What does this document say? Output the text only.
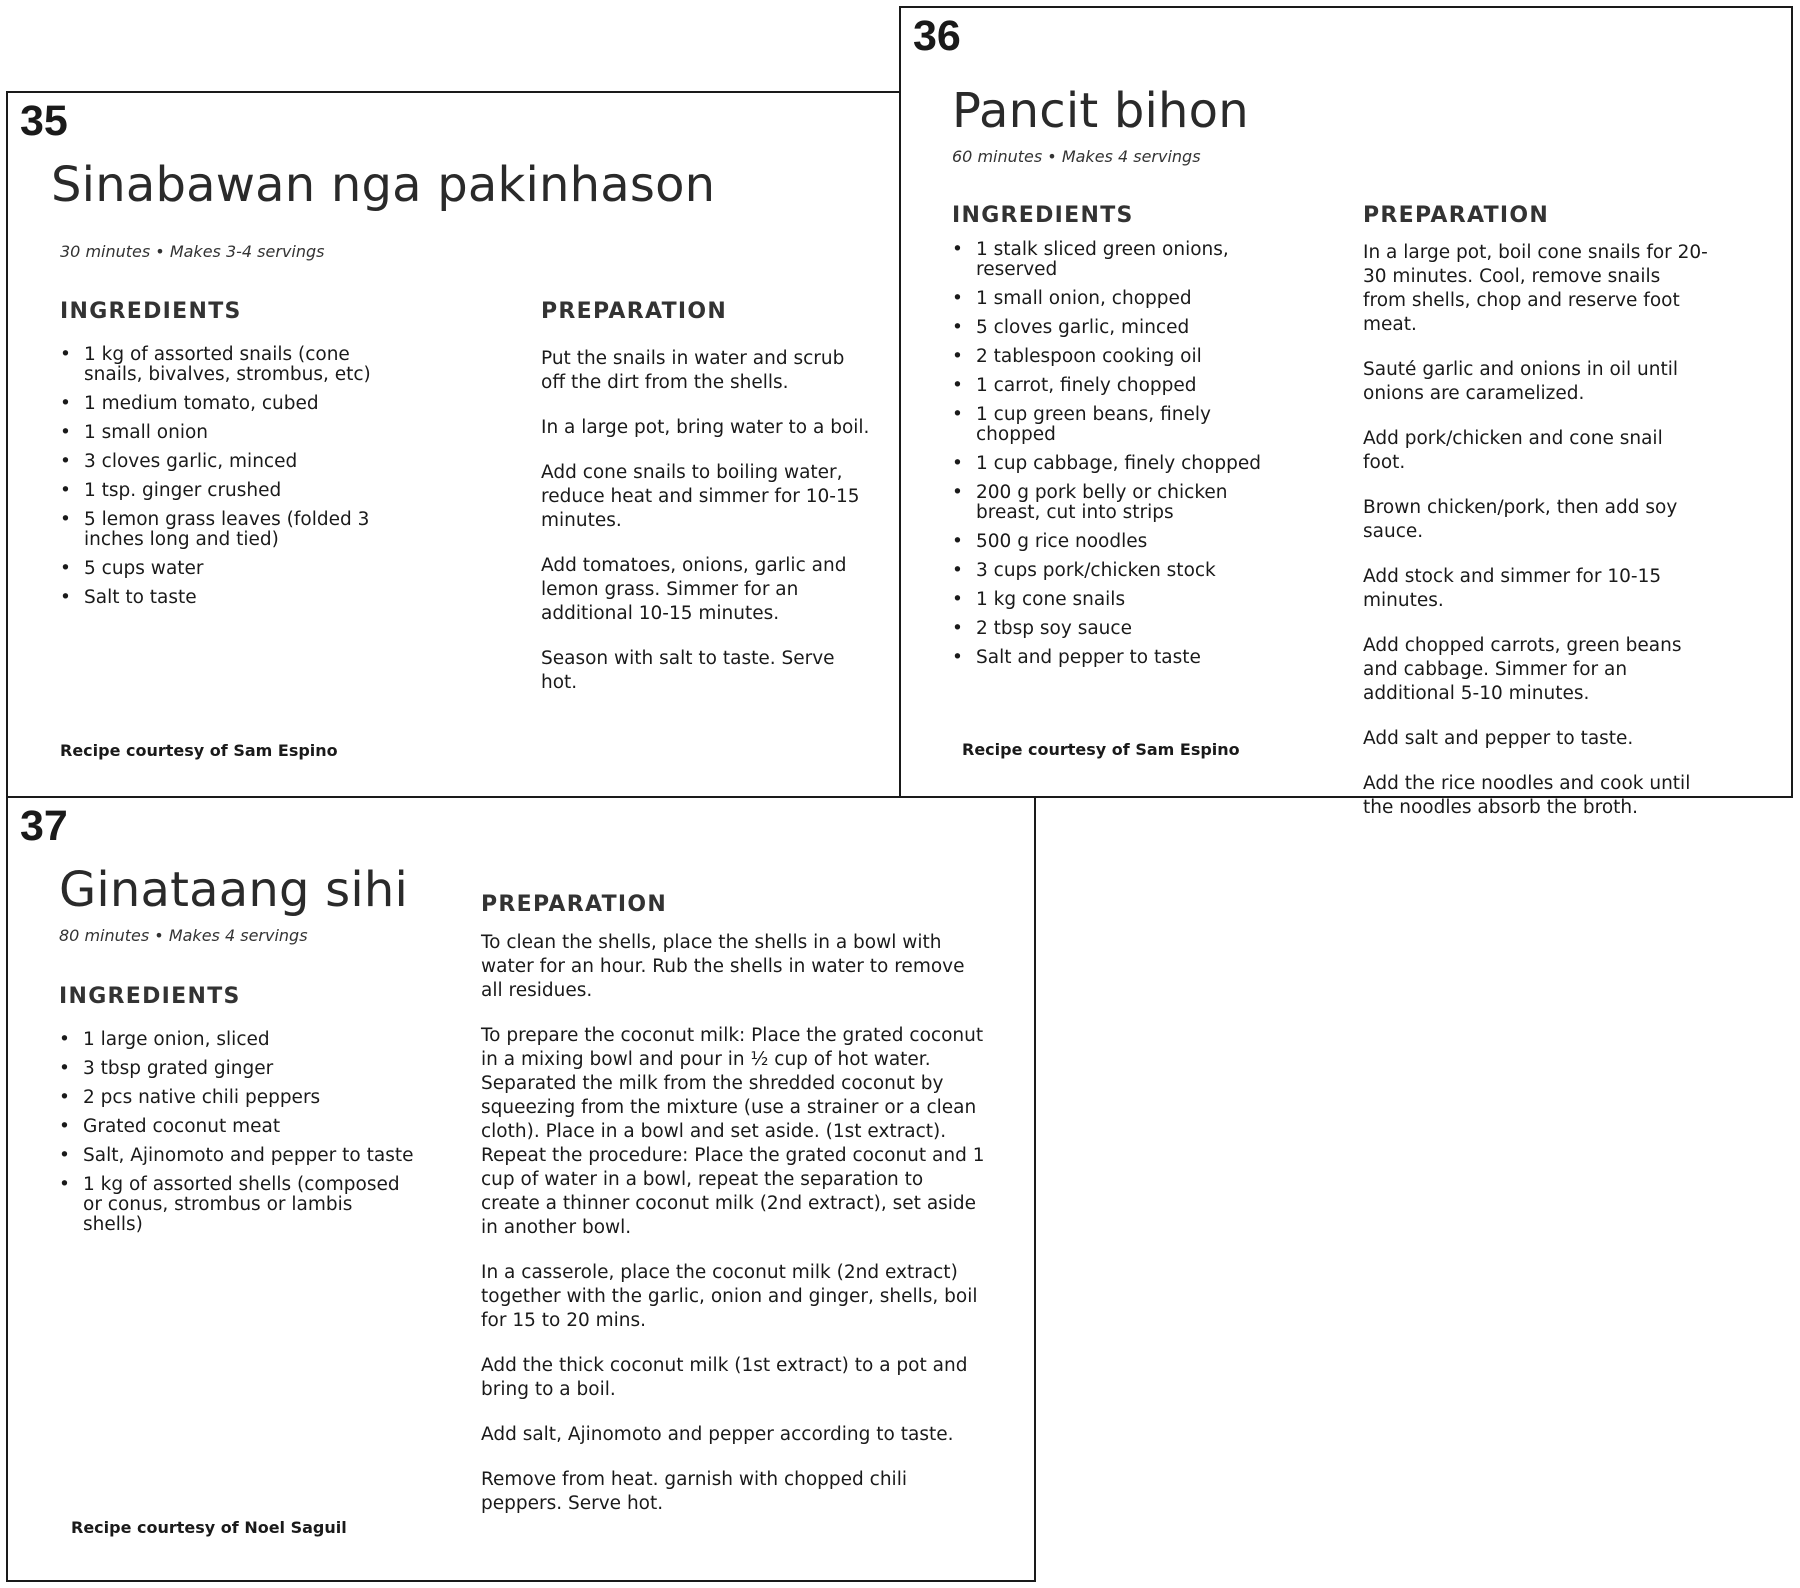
35
Sinabawan nga pakinhason
30 minutes • Makes 3-4 servings
INGREDIENTS
• 1 kg of assorted snails (cone snails, bivalves, strombus, etc)
• 1 medium tomato, cubed
• 1 small onion
• 3 cloves garlic, minced
• 1 tsp. ginger crushed
• 5 lemon grass leaves (folded 3 inches long and tied)
• 5 cups water
• Salt to taste
PREPARATION

Put the snails in water and scrub off the dirt from the shells.

In a large pot, bring water to a boil.

Add cone snails to boiling water, reduce heat and simmer for 10-15 minutes.

Add tomatoes, onions, garlic and lemon grass. Simmer for an additional 10-15 minutes.

Season with salt to taste. Serve hot.

Recipe courtesy of Sam Espino
36
Pancit bihon
60 minutes • Makes 4 servings
INGREDIENTS
• 1 stalk sliced green onions, reserved
• 1 small onion, chopped
• 5 cloves garlic, minced
• 2 tablespoon cooking oil
• 1 carrot, finely chopped
• 1 cup green beans, finely chopped
• 1 cup cabbage, finely chopped
• 200 g pork belly or chicken breast, cut into strips
• 500 g rice noodles
• 3 cups pork/chicken stock
• 1 kg cone snails
• 2 tbsp soy sauce
• Salt and pepper to taste
PREPARATION

In a large pot, boil cone snails for 20-30 minutes. Cool, remove snails from shells, chop and reserve foot meat.

Sauté garlic and onions in oil until onions are caramelized.

Add pork/chicken and cone snail foot.

Brown chicken/pork, then add soy sauce.

Add stock and simmer for 10-15 minutes.

Add chopped carrots, green beans and cabbage. Simmer for an additional 5-10 minutes.

Add salt and pepper to taste.

Add the rice noodles and cook until the noodles absorb the broth.

Recipe courtesy of Sam Espino
37
Ginataang sihi
80 minutes • Makes 4 servings
INGREDIENTS
• 1 large onion, sliced
• 3 tbsp grated ginger
• 2 pcs native chili peppers
• Grated coconut meat
• Salt, Ajinomoto and pepper to taste
• 1 kg of assorted shells (composed or conus, strombus or lambis shells)
PREPARATION

To clean the shells, place the shells in a bowl with water for an hour. Rub the shells in water to remove all residues.

To prepare the coconut milk: Place the grated coconut in a mixing bowl and pour in ½ cup of hot water. Separated the milk from the shredded coconut by squeezing from the mixture (use a strainer or a clean cloth). Place in a bowl and set aside. (1st extract). Repeat the procedure: Place the grated coconut and 1 cup of water in a bowl, repeat the separation to create a thinner coconut milk (2nd extract), set aside in another bowl.

In a casserole, place the coconut milk (2nd extract) together with the garlic, onion and ginger, shells, boil for 15 to 20 mins.

Add the thick coconut milk (1st extract) to a pot and bring to a boil.

Add salt, Ajinomoto and pepper according to taste.

Remove from heat. garnish with chopped chili peppers. Serve hot.

Recipe courtesy of Noel Saguil
